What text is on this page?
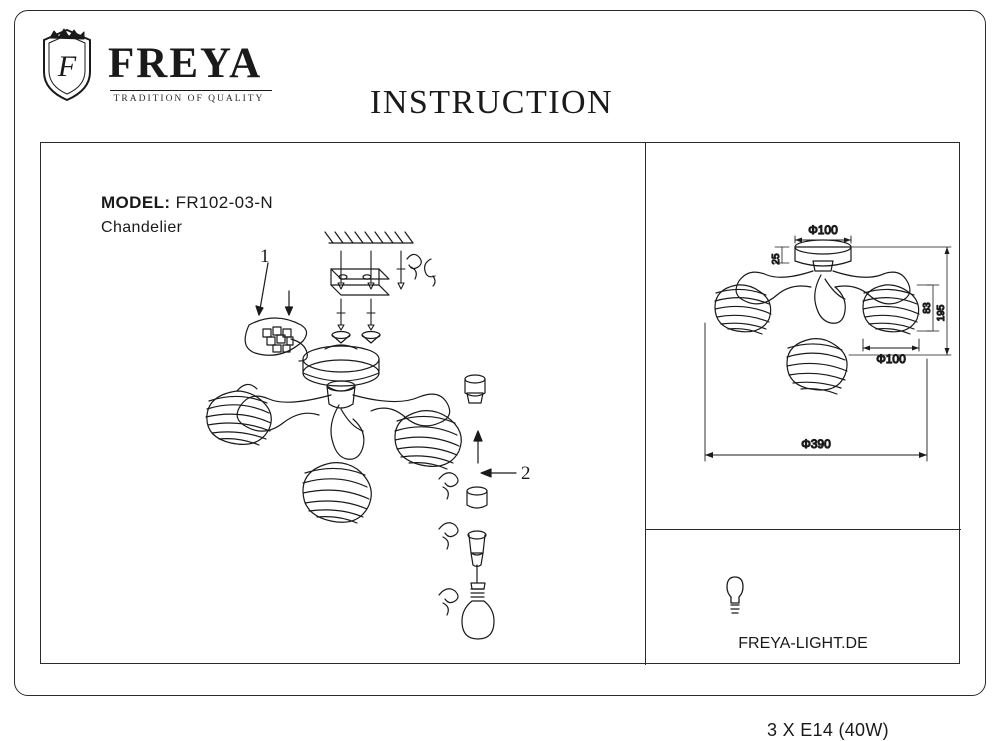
F FREYA
TRADITION OF QUALITY	INSTRUCTION
MODEL: FR102-03-N
Chandelier
1
2
Φ100
25
83 195
Φ100
Φ390
3 X E14 (40W)
FREYA-LIGHT.DE
